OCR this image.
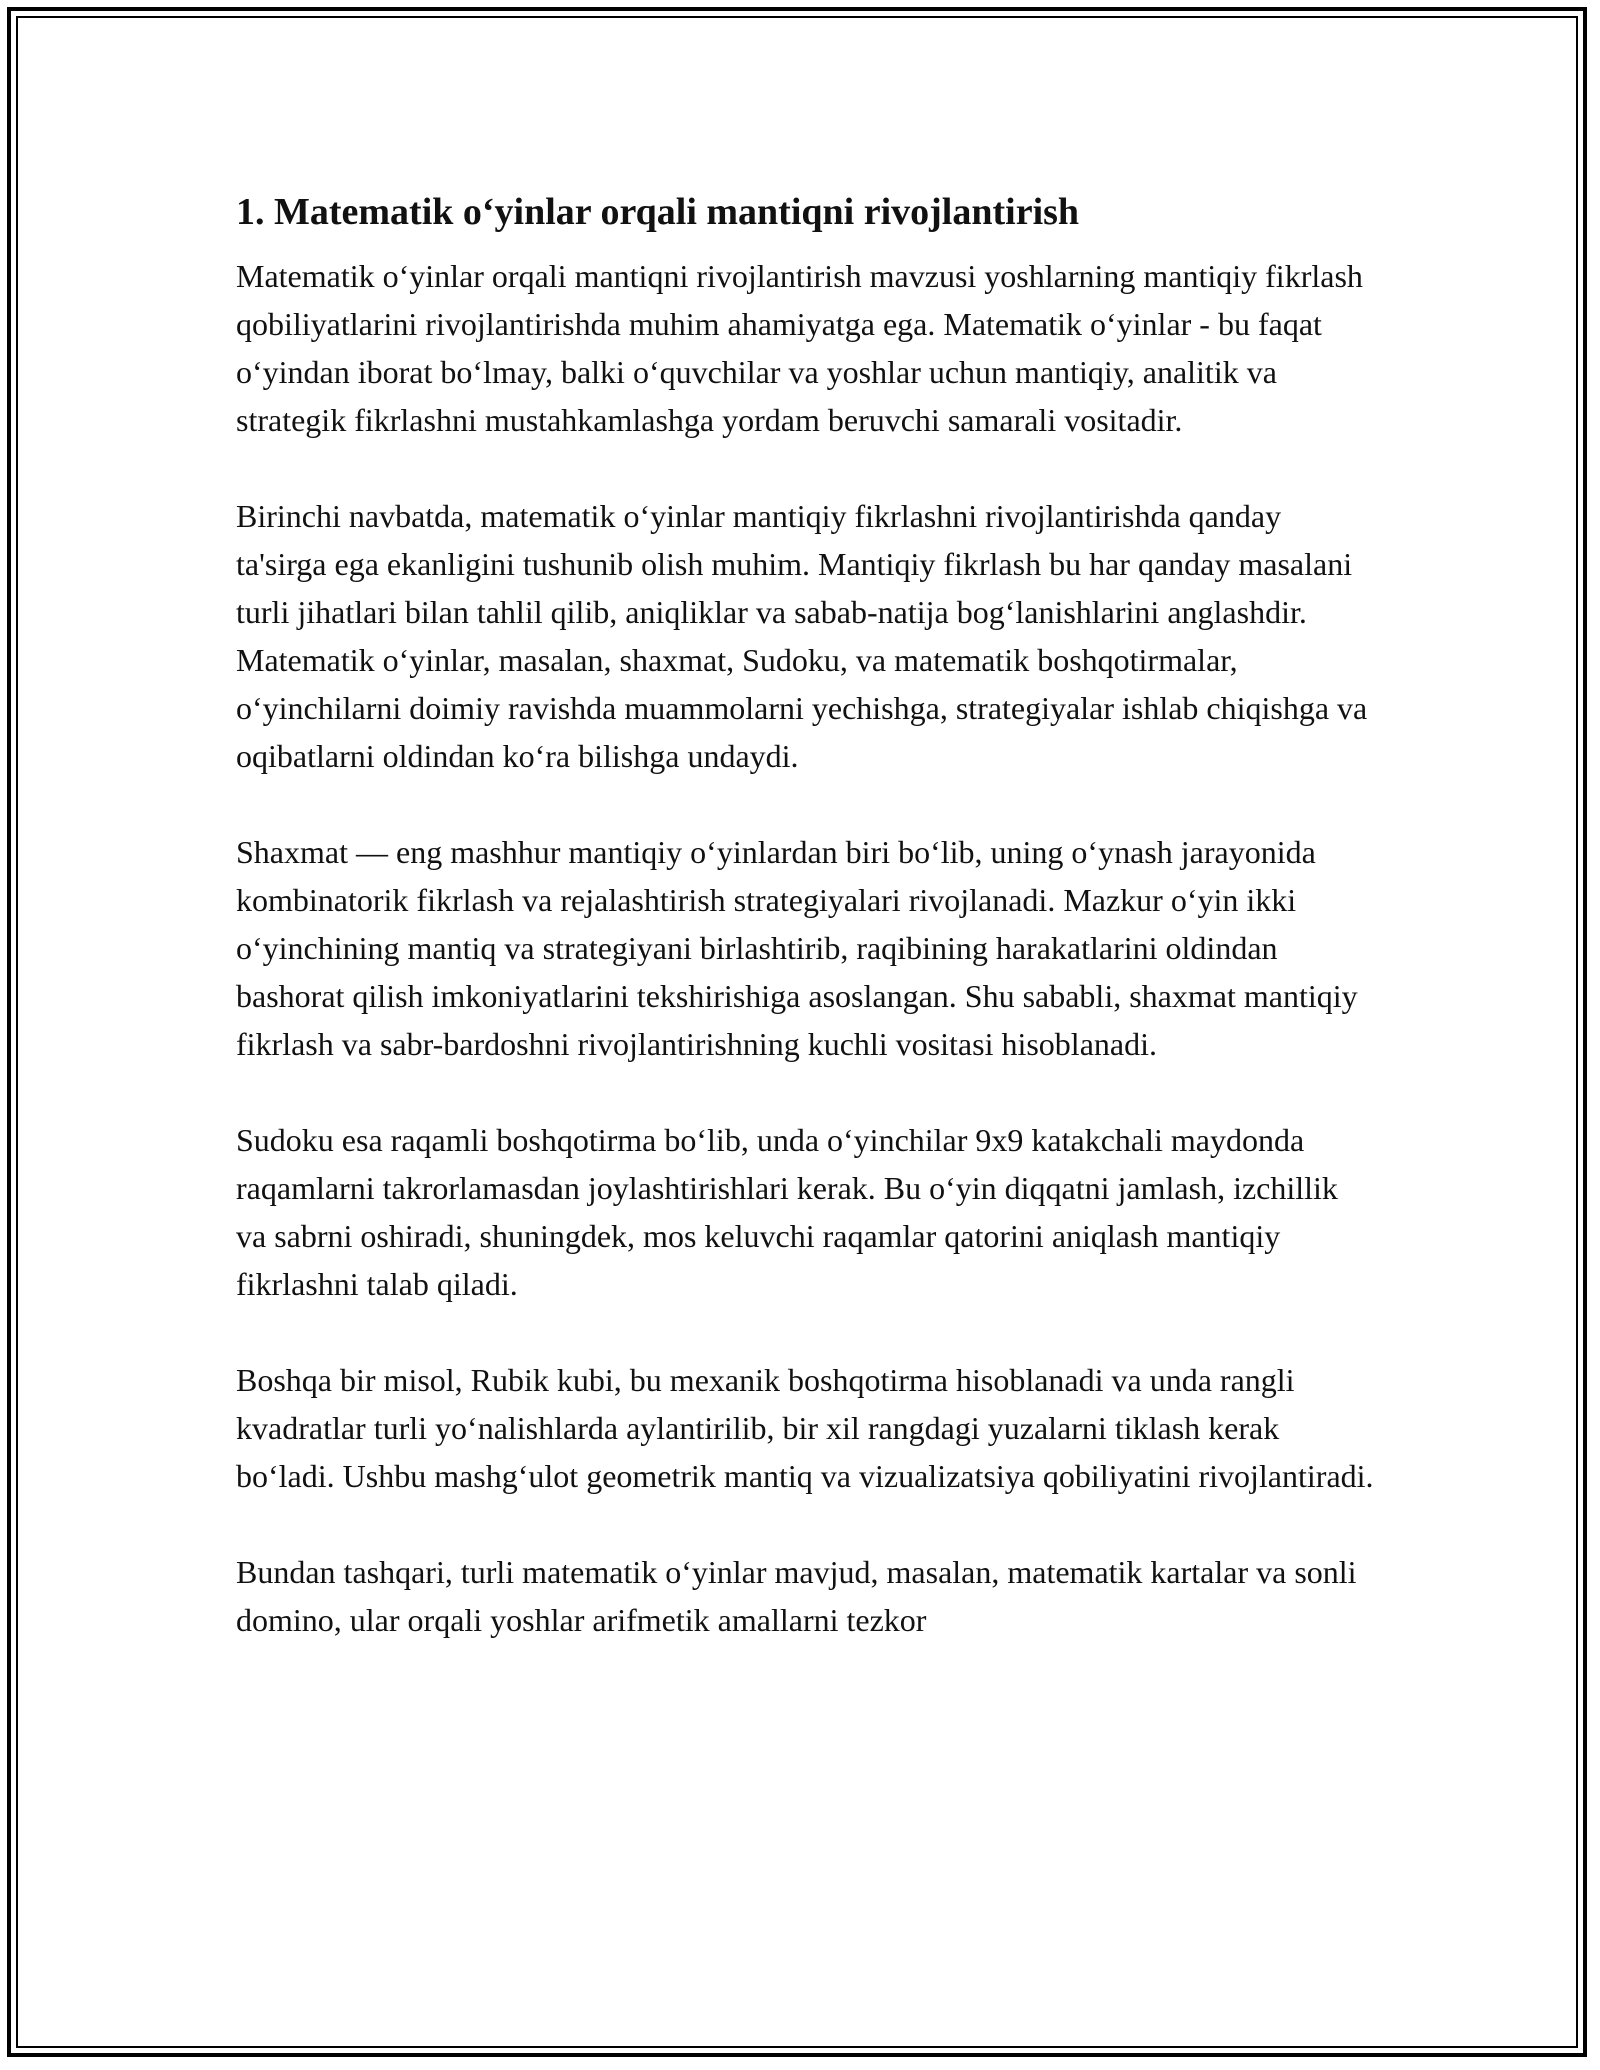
1. Matematik o‘yinlar orqali mantiqni rivojlantirish

Matematik o‘yinlar orqali mantiqni rivojlantirish mavzusi yoshlarning mantiqiy fikrlash qobiliyatlarini rivojlantirishda muhim ahamiyatga ega. Matematik o‘yinlar - bu faqat o‘yindan iborat bo‘lmay, balki o‘quvchilar va yoshlar uchun mantiqiy, analitik va strategik fikrlashni mustahkamlashga yordam beruvchi samarali vositadir.

Birinchi navbatda, matematik o‘yinlar mantiqiy fikrlashni rivojlantirishda qanday ta'sirga ega ekanligini tushunib olish muhim. Mantiqiy fikrlash bu har qanday masalani turli jihatlari bilan tahlil qilib, aniqliklar va sabab-natija bog‘lanishlarini anglashdir. Matematik o‘yinlar, masalan, shaxmat, Sudoku, va matematik boshqotirmalar, o‘yinchilarni doimiy ravishda muammolarni yechishga, strategiyalar ishlab chiqishga va oqibatlarni oldindan ko‘ra bilishga undaydi.

Shaxmat — eng mashhur mantiqiy o‘yinlardan biri bo‘lib, uning o‘ynash jarayonida kombinatorik fikrlash va rejalashtirish strategiyalari rivojlanadi. Mazkur o‘yin ikki o‘yinchining mantiq va strategiyani birlashtirib, raqibining harakatlarini oldindan bashorat qilish imkoniyatlarini tekshirishiga asoslangan. Shu sababli, shaxmat mantiqiy fikrlash va sabr-bardoshni rivojlantirishning kuchli vositasi hisoblanadi.

Sudoku esa raqamli boshqotirma bo‘lib, unda o‘yinchilar 9x9 katakchali maydonda raqamlarni takrorlamasdan joylashtirishlari kerak. Bu o‘yin diqqatni jamlash, izchillik va sabrni oshiradi, shuningdek, mos keluvchi raqamlar qatorini aniqlash mantiqiy fikrlashni talab qiladi.

Boshqa bir misol, Rubik kubi, bu mexanik boshqotirma hisoblanadi va unda rangli kvadratlar turli yo‘nalishlarda aylantirilib, bir xil rangdagi yuzalarni tiklash kerak bo‘ladi. Ushbu mashg‘ulot geometrik mantiq va vizualizatsiya qobiliyatini rivojlantiradi.

Bundan tashqari, turli matematik o‘yinlar mavjud, masalan, matematik kartalar va sonli domino, ular orqali yoshlar arifmetik amallarni tezkor
